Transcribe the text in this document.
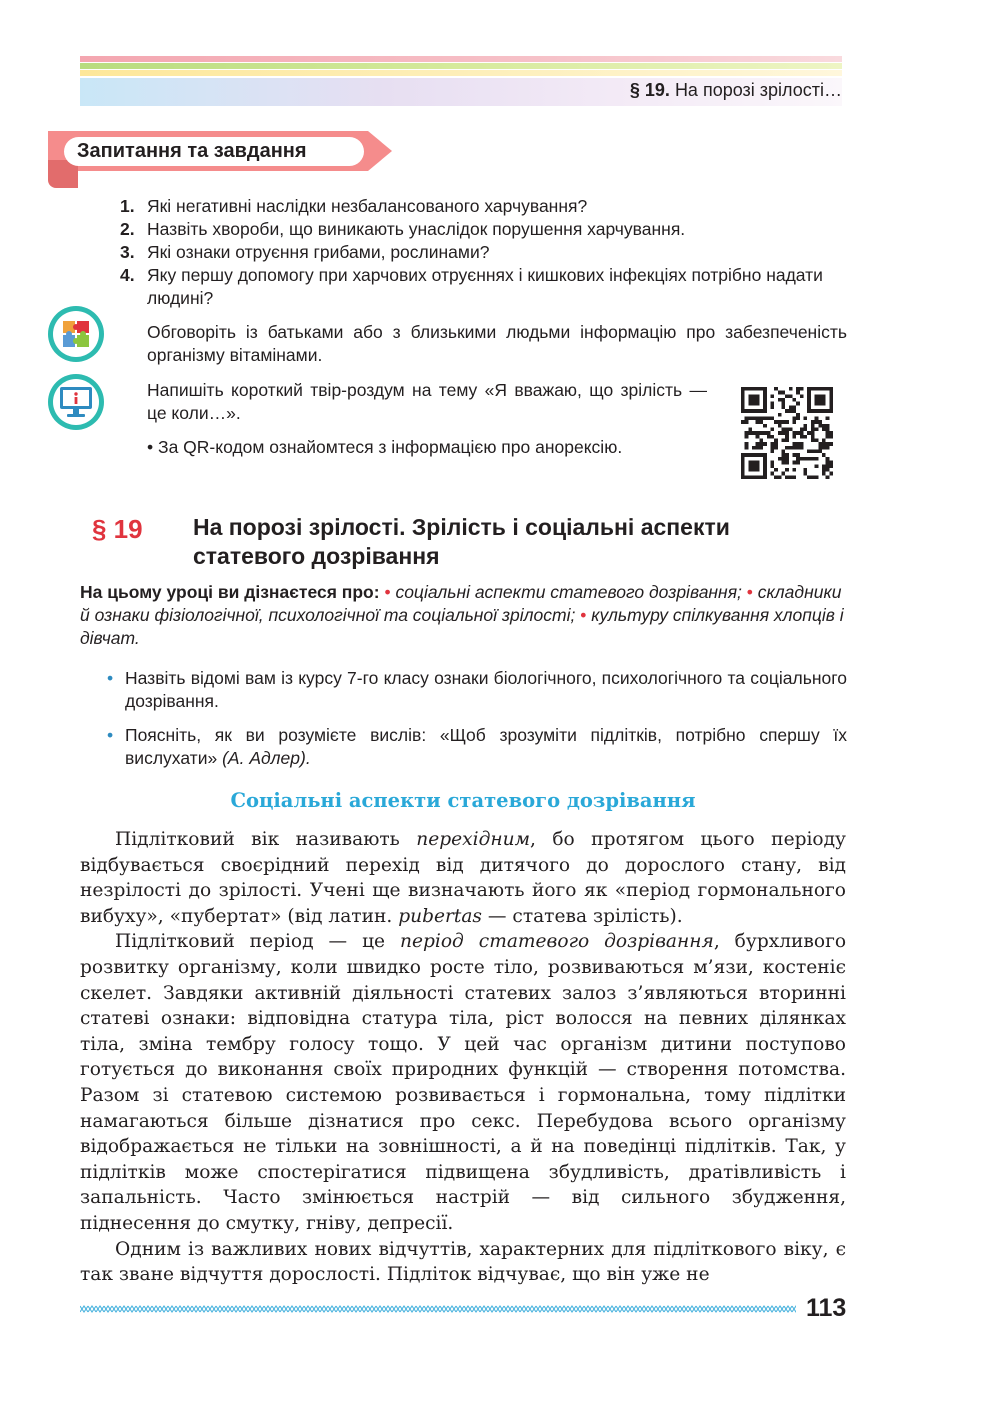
§ 19. На порозі зрілості…
Запитання та завдання
1. Які негативні наслідки незбалансованого харчування?
2. Назвіть хвороби, що виникають унаслідок порушення харчування.
3. Які ознаки отруєння грибами, рослинами?
4. Яку першу допомогу при харчових отруєннях і кишкових інфекціях потрібно надати людині?
Обговоріть із батьками або з близькими людьми інформацію про забезпеченість організму вітамінами.
Напишіть короткий твір-роздум на тему «Я вважаю, що зрілість — це коли…».
• За QR-кодом ознайомтеся з інформацією про анорексію.
§ 19 На порозі зрілості. Зрілість і соціальні аспекти статевого дозрівання
На цьому уроці ви дізнаєтеся про: • соціальні аспекти статевого дозрівання; • складники й ознаки фізіологічної, психологічної та соціальної зрілості; • культуру спілкування хлопців і дівчат.
• Назвіть відомі вам із курсу 7-го класу ознаки біологічного, психологічного та соціального дозрівання.
• Поясніть, як ви розумієте вислів: «Щоб зрозуміти підлітків, потрібно спершу їх вислухати» (А. Адлер).
Соціальні аспекти статевого дозрівання

Підлітковий вік називають перехідним, бо протягом цього періоду відбувається своєрідний перехід від дитячого до дорослого стану, від незрілості до зрілості. Учені ще визначають його як «період гормонального вибуху», «пубертат» (від латин. pubertas — статева зрілість).

Підлітковий період — це період статевого дозрівання, бурхливого розвитку організму, коли швидко росте тіло, розвиваються м’язи, костеніє скелет. Завдяки активній діяльності статевих залоз з’являються вторинні статеві ознаки: відповідна статура тіла, ріст волосся на певних ділянках тіла, зміна тембру голосу тощо. У цей час організм дитини поступово готується до виконання своїх природних функцій — створення потомства. Разом зі статевою системою розвивається і гормональна, тому підлітки намагаються більше дізнатися про секс. Перебудова всього організму відображається не тільки на зовнішності, а й на поведінці підлітків. Так, у підлітків може спостерігатися підвищена збудливість, дратівливість і запальність. Часто змінюється настрій — від сильного збудження, піднесення до смутку, гніву, депресії.

Одним із важливих нових відчуттів, характерних для підліткового віку, є так зване відчуття дорослості. Підліток відчуває, що він уже не

113
